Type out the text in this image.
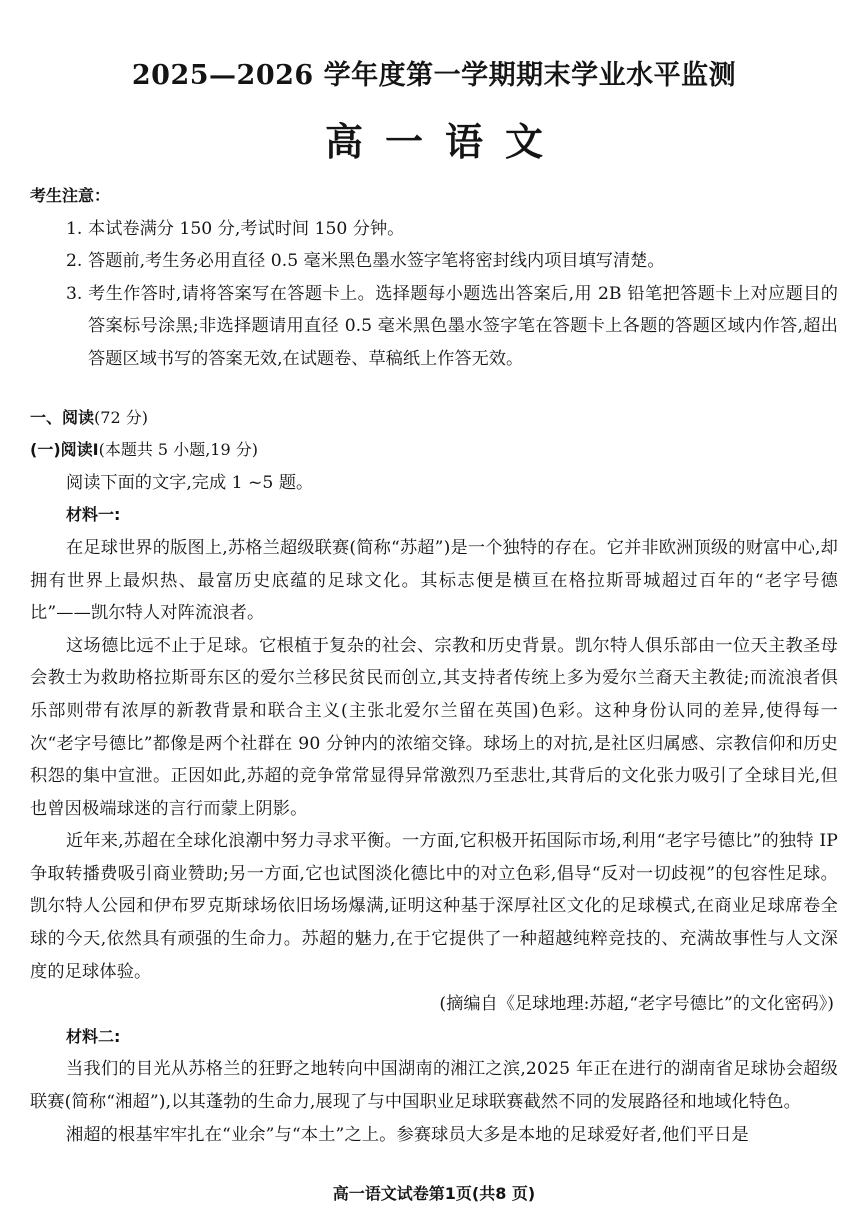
2025—2026 学年度第一学期期末学业水平监测
高一语文

考生注意：

1. 本试卷满分 150 分,考试时间 150 分钟。
2. 答题前,考生务必用直径 0.5 毫米黑色墨水签字笔将密封线内项目填写清楚。
3. 考生作答时,请将答案写在答题卡上。选择题每小题选出答案后,用 2B 铅笔把答题卡上对应题目的答案标号涂黑;非选择题请用直径 0.5 毫米黑色墨水签字笔在答题卡上各题的答题区域内作答,超出答题区域书写的答案无效,在试题卷、草稿纸上作答无效。

一、阅读(72 分)

(一)阅读Ⅰ(本题共 5 小题,19 分)

阅读下面的文字,完成 1 ~5 题。

材料一:

在足球世界的版图上,苏格兰超级联赛(简称“苏超”)是一个独特的存在。它并非欧洲顶级的财富中心,却拥有世界上最炽热、最富历史底蕴的足球文化。其标志便是横亘在格拉斯哥城超过百年的“老字号德比”——凯尔特人对阵流浪者。

这场德比远不止于足球。它根植于复杂的社会、宗教和历史背景。凯尔特人俱乐部由一位天主教圣母会教士为救助格拉斯哥东区的爱尔兰移民贫民而创立,其支持者传统上多为爱尔兰裔天主教徒;而流浪者俱乐部则带有浓厚的新教背景和联合主义(主张北爱尔兰留在英国)色彩。这种身份认同的差异,使得每一次“老字号德比”都像是两个社群在 90 分钟内的浓缩交锋。球场上的对抗,是社区归属感、宗教信仰和历史积怨的集中宣泄。正因如此,苏超的竞争常常显得异常激烈乃至悲壮,其背后的文化张力吸引了全球目光,但也曾因极端球迷的言行而蒙上阴影。

近年来,苏超在全球化浪潮中努力寻求平衡。一方面,它积极开拓国际市场,利用“老字号德比”的独特 IP 争取转播费吸引商业赞助;另一方面,它也试图淡化德比中的对立色彩,倡导“反对一切歧视”的包容性足球。凯尔特人公园和伊布罗克斯球场依旧场场爆满,证明这种基于深厚社区文化的足球模式,在商业足球席卷全球的今天,依然具有顽强的生命力。苏超的魅力,在于它提供了一种超越纯粹竞技的、充满故事性与人文深度的足球体验。

(摘编自《足球地理:苏超,“老字号德比”的文化密码》)

材料二:

当我们的目光从苏格兰的狂野之地转向中国湖南的湘江之滨,2025 年正在进行的湖南省足球协会超级联赛(简称“湘超”),以其蓬勃的生命力,展现了与中国职业足球联赛截然不同的发展路径和地域化特色。

湘超的根基牢牢扎在“业余”与“本土”之上。参赛球员大多是本地的足球爱好者,他们平日是

高一语文试卷第1页(共8 页)
